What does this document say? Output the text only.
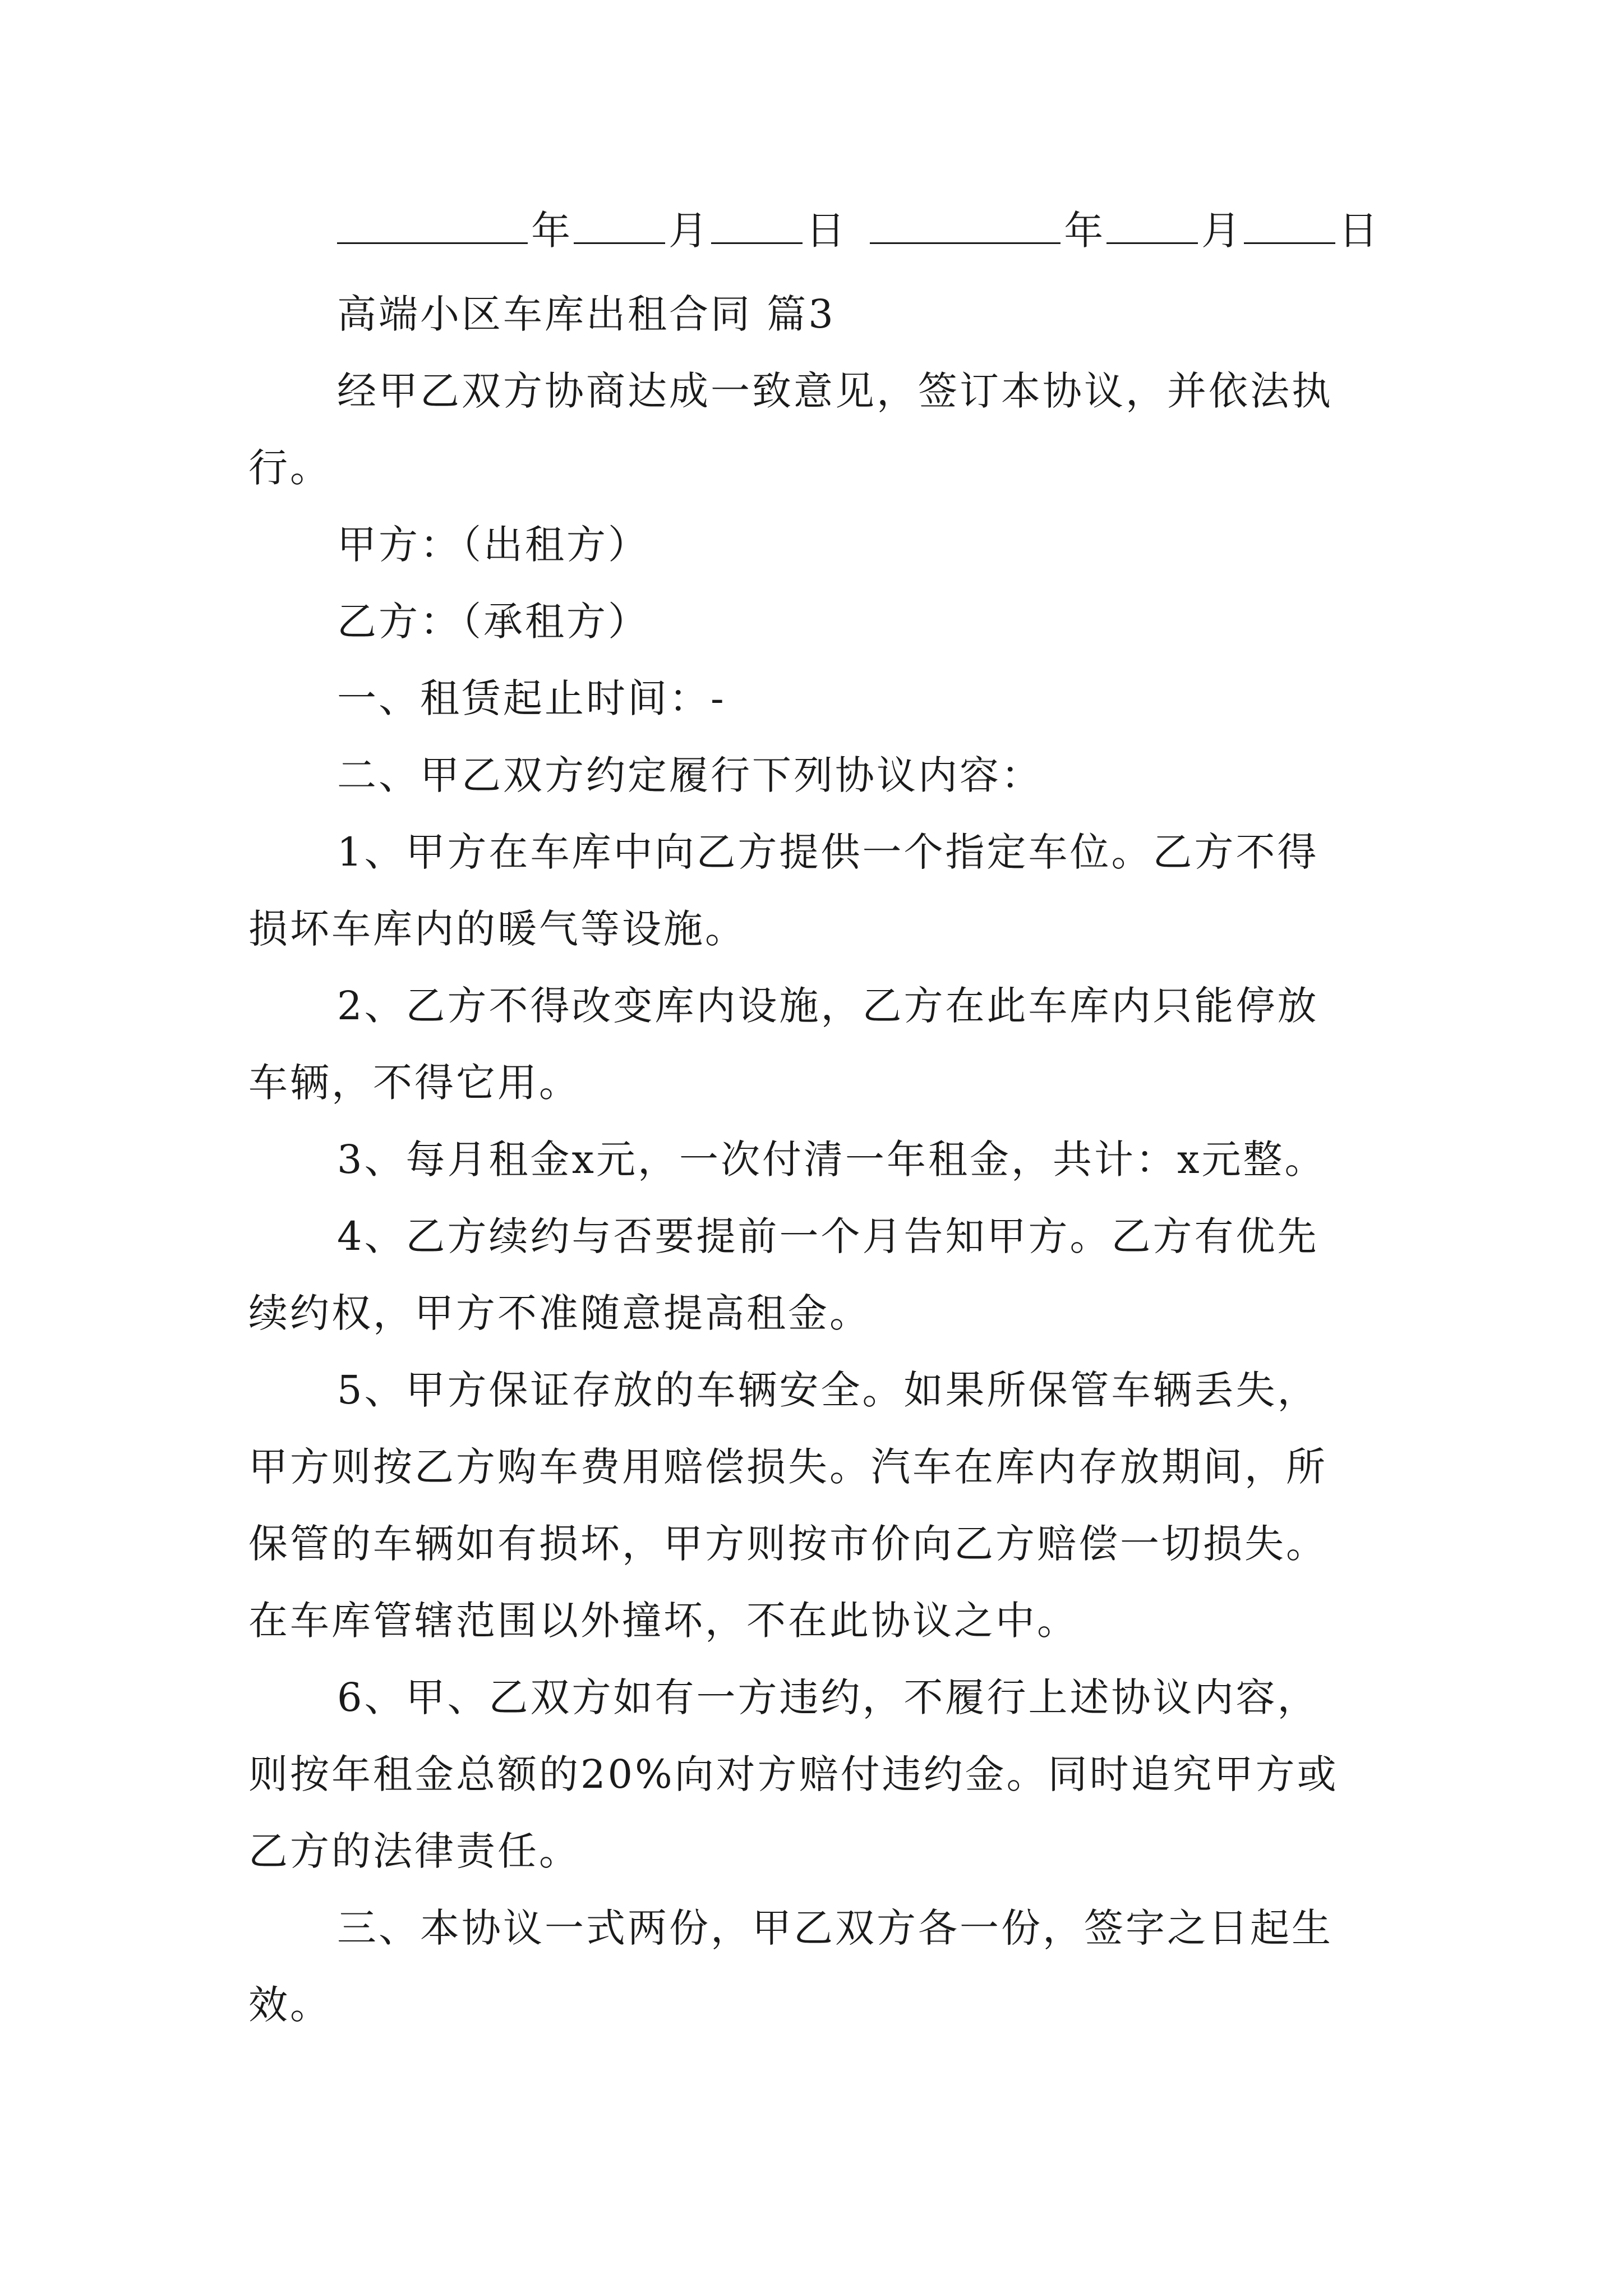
年 月 日	年 月 日
高端小区车库出租合同 篇3
经甲乙双方协商达成一致意见，签订本协议，并依法执
行。
甲方：（出租方）
乙方：（承租方）
一、租赁起止时间：-
二、甲乙双方约定履行下列协议内容：
1、甲方在车库中向乙方提供一个指定车位。乙方不得
损坏车库内的暖气等设施。
2、乙方不得改变库内设施，乙方在此车库内只能停放
车辆，不得它用。
3、每月租金x元，一次付清一年租金，共计：x元整。
4、乙方续约与否要提前一个月告知甲方。乙方有优先
续约权，甲方不准随意提高租金。
5、甲方保证存放的车辆安全。如果所保管车辆丢失，
甲方则按乙方购车费用赔偿损失。汽车在库内存放期间，所
保管的车辆如有损坏，甲方则按市价向乙方赔偿一切损失。
在车库管辖范围以外撞坏，不在此协议之中。
6、甲、乙双方如有一方违约，不履行上述协议内容，
则按年租金总额的20%向对方赔付违约金。同时追究甲方或
乙方的法律责任。
三、本协议一式两份，甲乙双方各一份，签字之日起生
效。
